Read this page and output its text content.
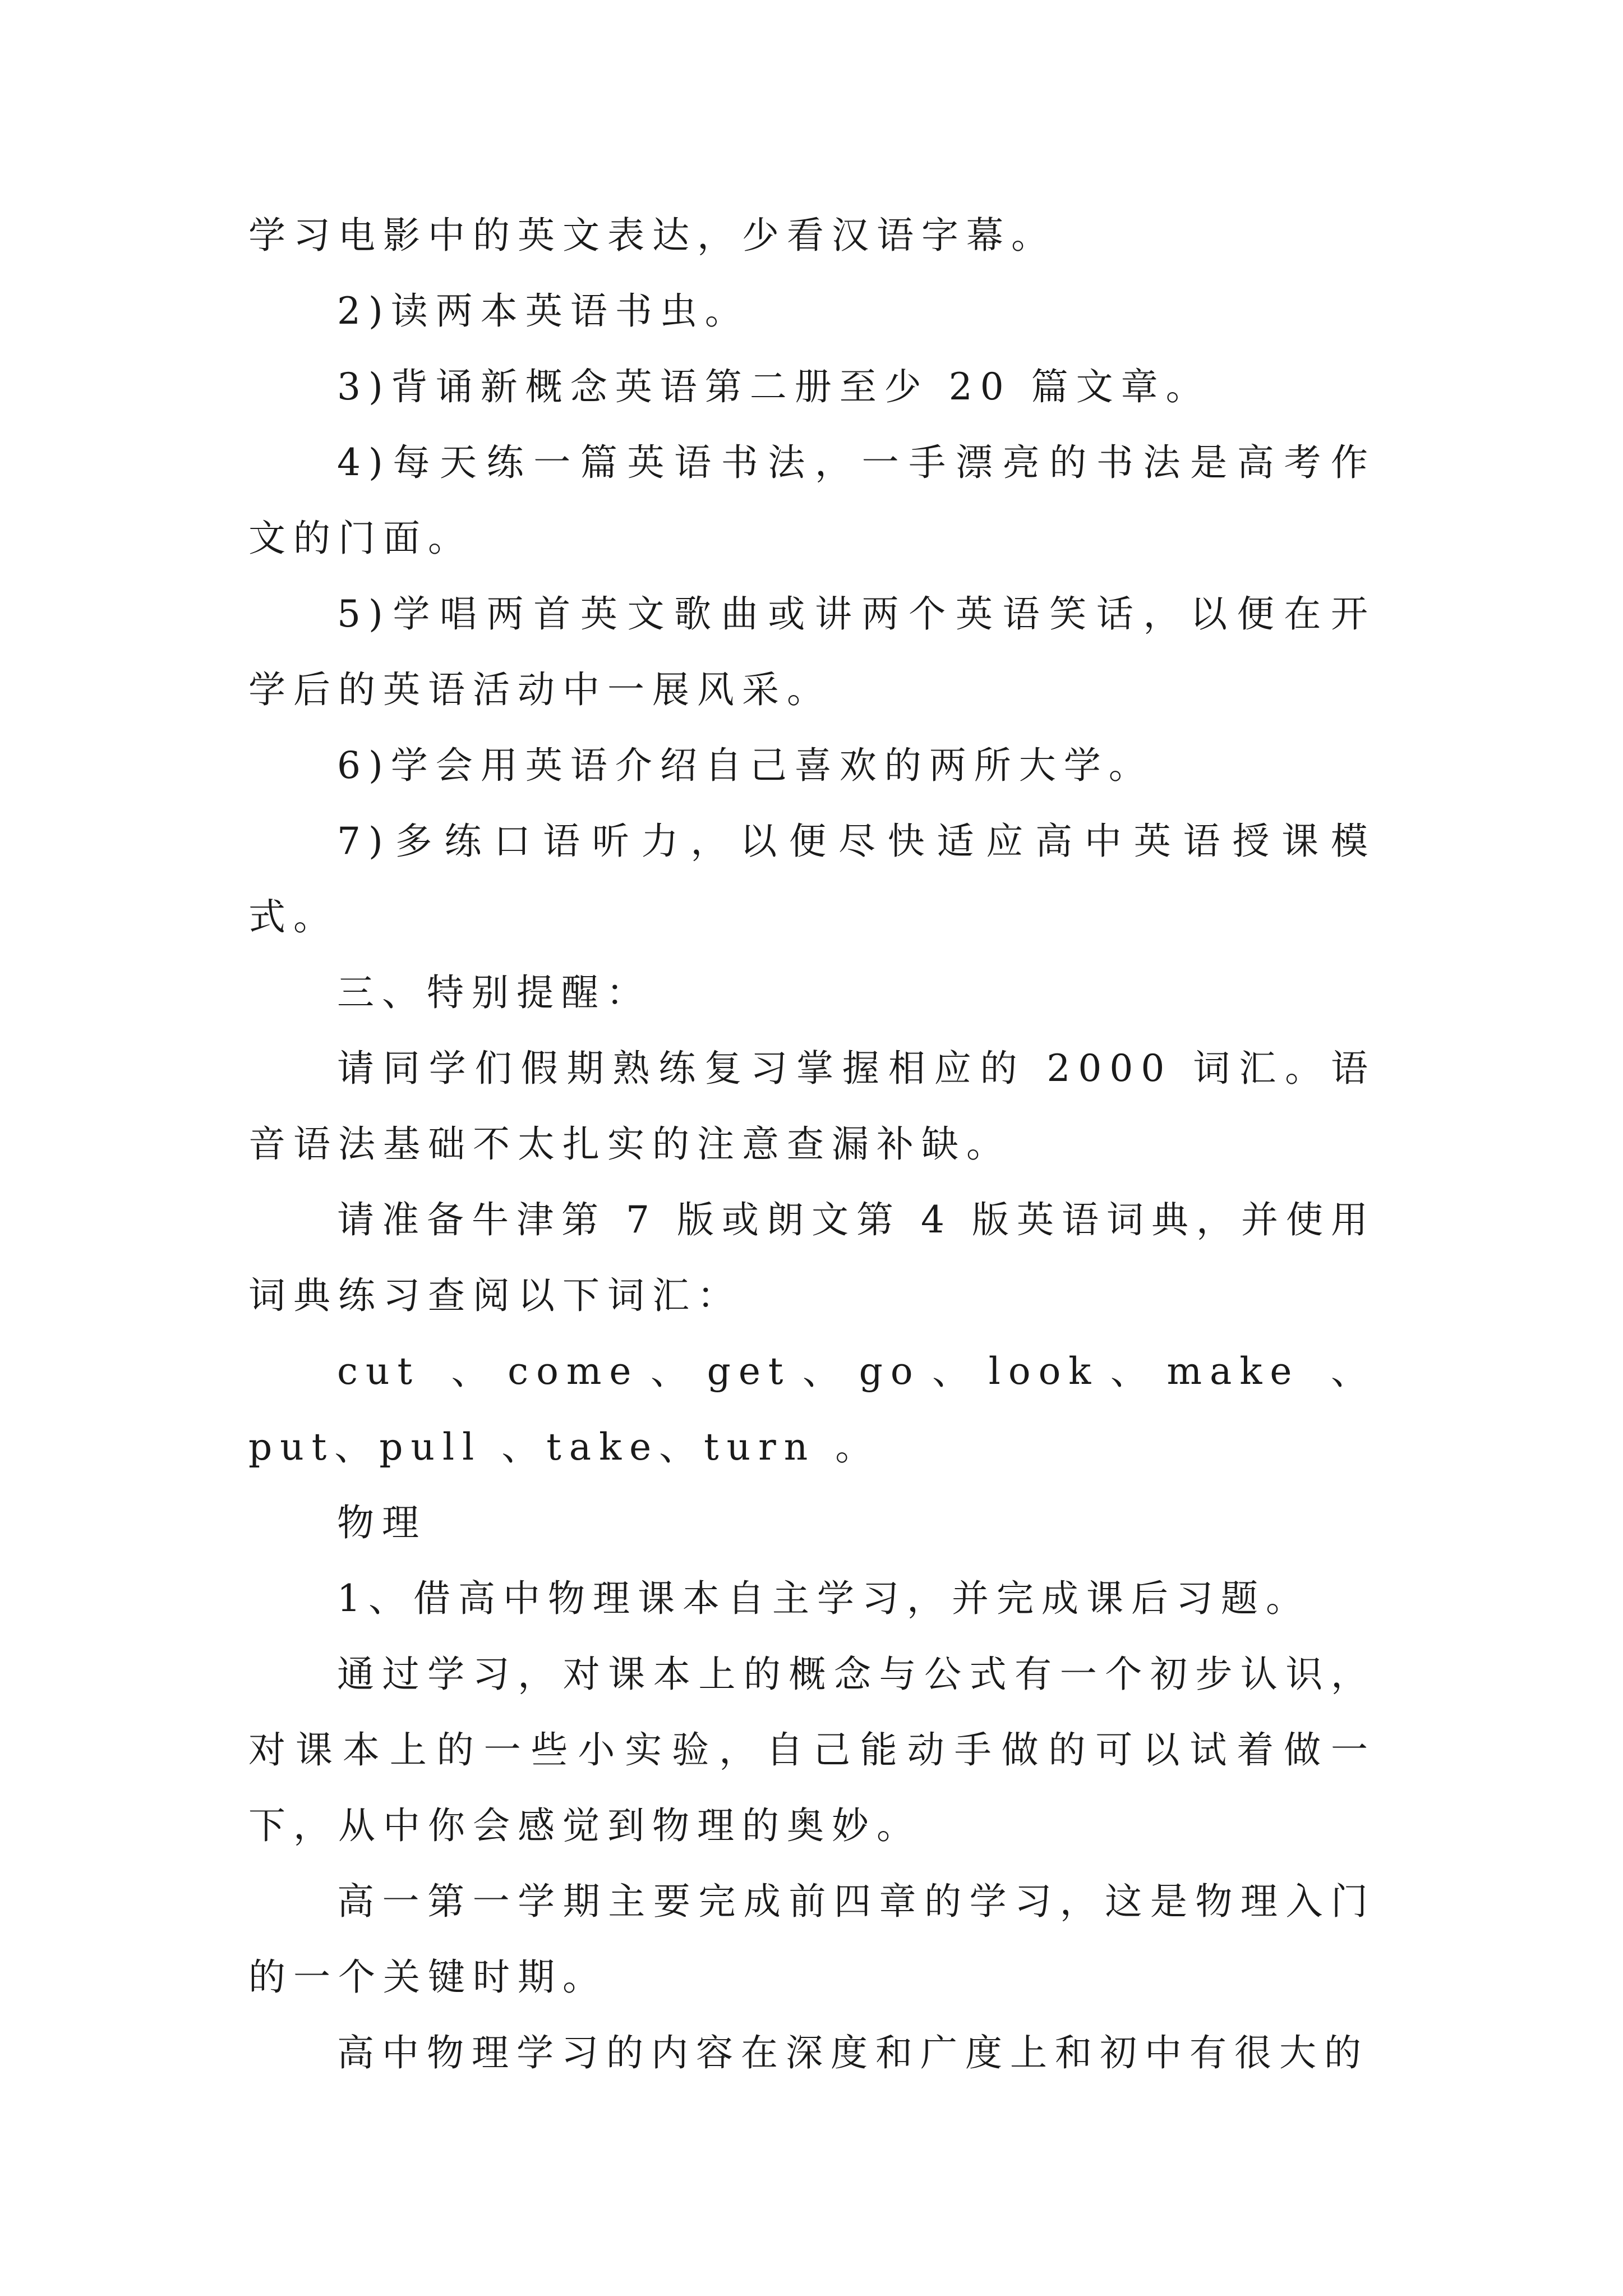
学习电影中的英文表达，少看汉语字幕。

2)读两本英语书虫。

3)背诵新概念英语第二册至少 20 篇文章。

4)每天练一篇英语书法，一手漂亮的书法是高考作文的门面。

5)学唱两首英文歌曲或讲两个英语笑话，以便在开学后的英语活动中一展风采。

6)学会用英语介绍自己喜欢的两所大学。

7)多练口语听力，以便尽快适应高中英语授课模式。

三、特别提醒：

请同学们假期熟练复习掌握相应的 2000 词汇。语音语法基础不太扎实的注意查漏补缺。

请准备牛津第 7 版或朗文第 4 版英语词典，并使用词典练习查阅以下词汇：

cut 、come、get、go、look、make 、put、pull 、take、turn 。

物理

1、借高中物理课本自主学习，并完成课后习题。

通过学习，对课本上的概念与公式有一个初步认识，对课本上的一些小实验，自己能动手做的可以试着做一下，从中你会感觉到物理的奥妙。

高一第一学期主要完成前四章的学习，这是物理入门的一个关键时期。

高中物理学习的内容在深度和广度上和初中有很大的
